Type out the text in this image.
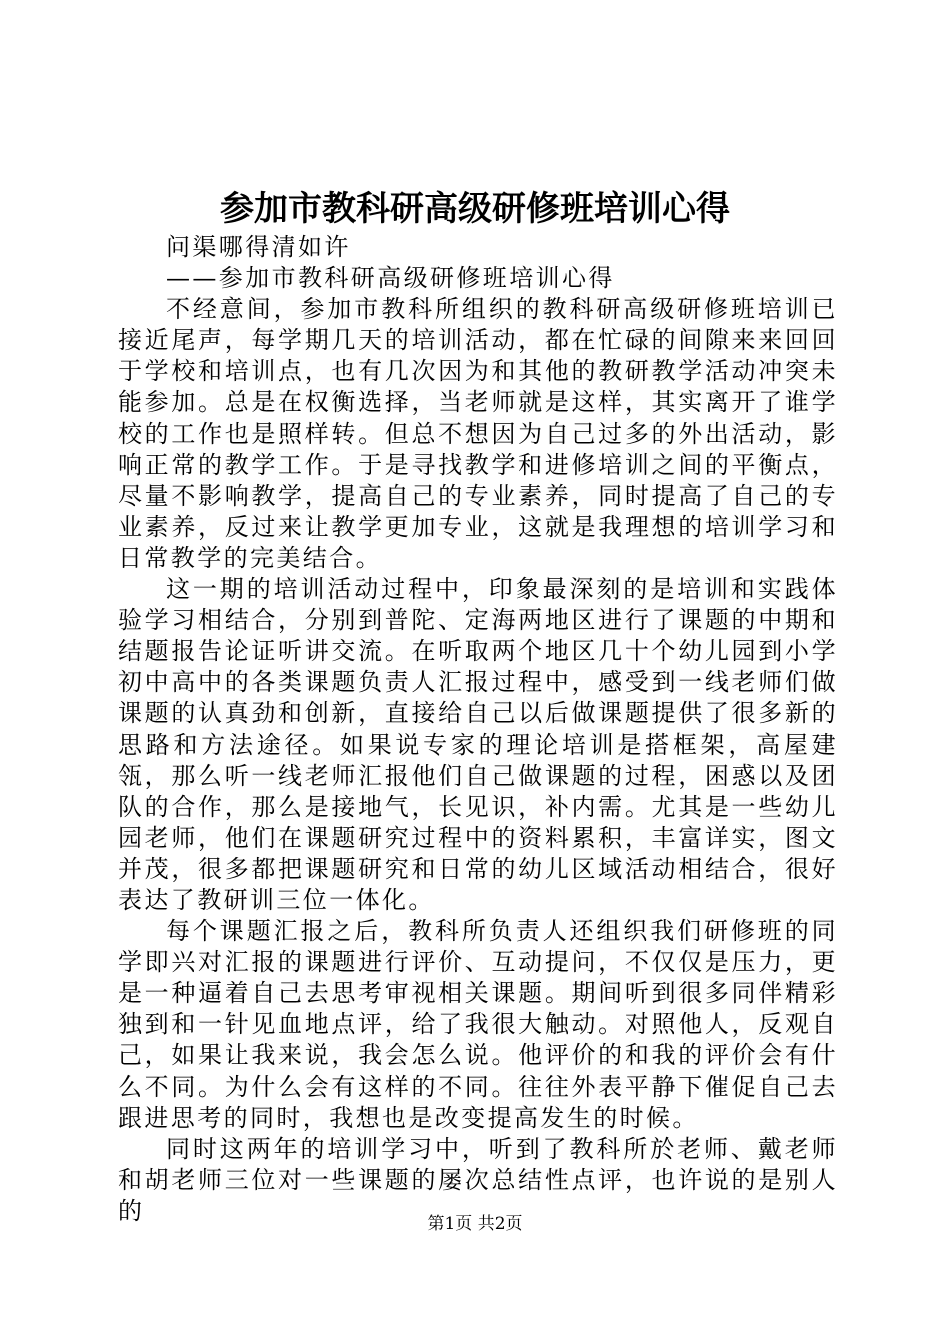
参加市教科研高级研修班培训心得

问渠哪得清如许

——参加市教科研高级研修班培训心得

不经意间，参加市教科所组织的教科研高级研修班培训已接近尾声，每学期几天的培训活动，都在忙碌的间隙来来回回于学校和培训点，也有几次因为和其他的教研教学活动冲突未能参加。总是在权衡选择，当老师就是这样，其实离开了谁学校的工作也是照样转。但总不想因为自己过多的外出活动，影响正常的教学工作。于是寻找教学和进修培训之间的平衡点，尽量不影响教学，提高自己的专业素养，同时提高了自己的专业素养，反过来让教学更加专业，这就是我理想的培训学习和日常教学的完美结合。

这一期的培训活动过程中，印象最深刻的是培训和实践体验学习相结合，分别到普陀、定海两地区进行了课题的中期和结题报告论证听讲交流。在听取两个地区几十个幼儿园到小学初中高中的各类课题负责人汇报过程中，感受到一线老师们做课题的认真劲和创新，直接给自己以后做课题提供了很多新的思路和方法途径。如果说专家的理论培训是搭框架，高屋建瓴，那么听一线老师汇报他们自己做课题的过程，困惑以及团队的合作，那么是接地气，长见识，补内需。尤其是一些幼儿园老师，他们在课题研究过程中的资料累积，丰富详实，图文并茂，很多都把课题研究和日常的幼儿区域活动相结合，很好表达了教研训三位一体化。

每个课题汇报之后，教科所负责人还组织我们研修班的同学即兴对汇报的课题进行评价、互动提问，不仅仅是压力，更是一种逼着自己去思考审视相关课题。期间听到很多同伴精彩独到和一针见血地点评，给了我很大触动。对照他人，反观自己，如果让我来说，我会怎么说。他评价的和我的评价会有什么不同。为什么会有这样的不同。往往外表平静下催促自己去跟进思考的同时，我想也是改变提高发生的时候。

同时这两年的培训学习中，听到了教科所於老师、戴老师和胡老师三位对一些课题的屡次总结性点评，也许说的是别人的	第1页 共2页
